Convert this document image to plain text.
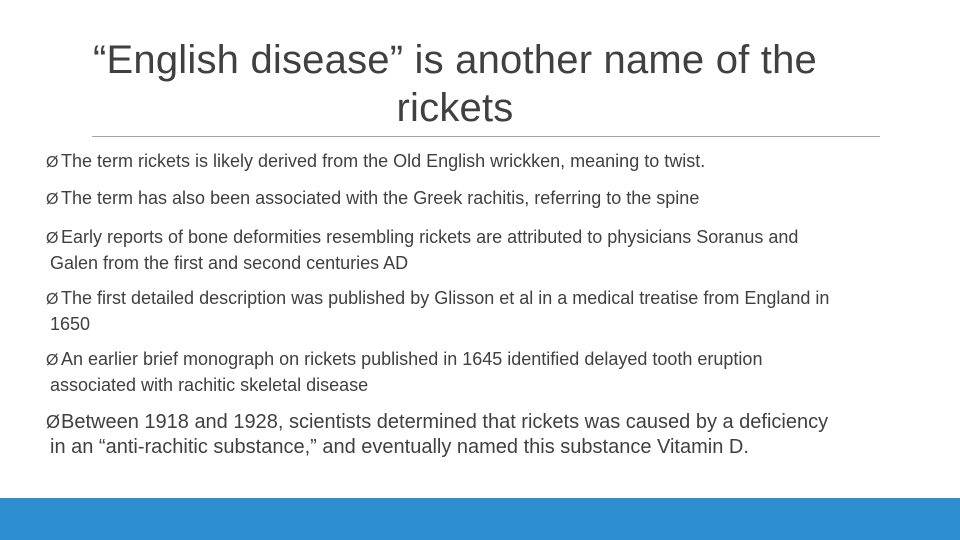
“English disease” is another name of the
rickets
Ø The term rickets is likely derived from the Old English wrickken, meaning to twist.
Ø The term has also been associated with the Greek rachitis, referring to the spine
Ø Early reports of bone deformities resembling rickets are attributed to physicians Soranus and
Galen from the first and second centuries AD
Ø The first detailed description was published by Glisson et al in a medical treatise from England in
1650
Ø An earlier brief monograph on rickets published in 1645 identified delayed tooth eruption
associated with rachitic skeletal disease
ØBetween 1918 and 1928, scientists determined that rickets was caused by a deficiency
in an “anti-rachitic substance,” and eventually named this substance Vitamin D.
